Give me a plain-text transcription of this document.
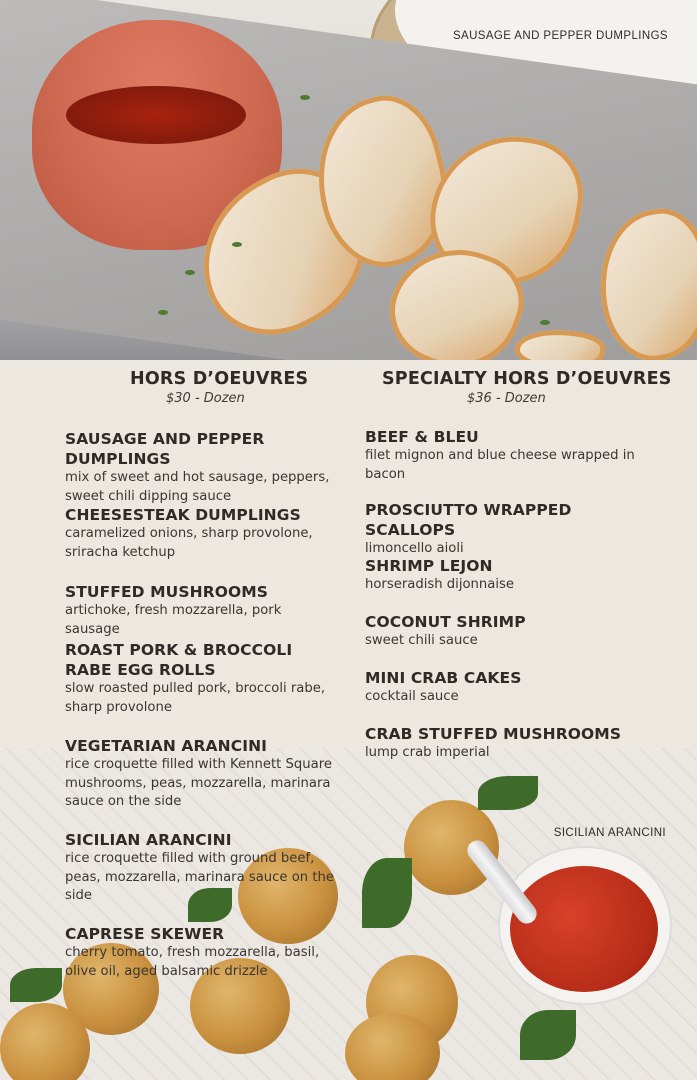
SAUSAGE AND PEPPER DUMPLINGS
SICILIAN ARANCINI
HORS D’OEUVRES
$30 - Dozen
SAUSAGE AND PEPPER DUMPLINGS
mix of sweet and hot sausage, peppers, sweet chili dipping sauce
CHEESESTEAK DUMPLINGS
caramelized onions, sharp provolone, sriracha ketchup
STUFFED MUSHROOMS
artichoke, fresh mozzarella, pork sausage
ROAST PORK & BROCCOLI RABE EGG ROLLS
slow roasted pulled pork, broccoli rabe, sharp provolone
VEGETARIAN ARANCINI
rice croquette filled with Kennett Square mushrooms, peas, mozzarella, marinara sauce on the side
SICILIAN ARANCINI
rice croquette filled with ground beef, peas, mozzarella, marinara sauce on the side
CAPRESE SKEWER
cherry tomato, fresh mozzarella, basil, olive oil, aged balsamic drizzle
SPECIALTY HORS D’OEUVRES
$36 - Dozen
BEEF & BLEU
filet mignon and blue cheese wrapped in bacon
PROSCIUTTO WRAPPED SCALLOPS
limoncello aioli
SHRIMP LEJON
horseradish dijonnaise
COCONUT SHRIMP
sweet chili sauce
MINI CRAB CAKES
cocktail sauce
CRAB STUFFED MUSHROOMS
lump crab imperial
